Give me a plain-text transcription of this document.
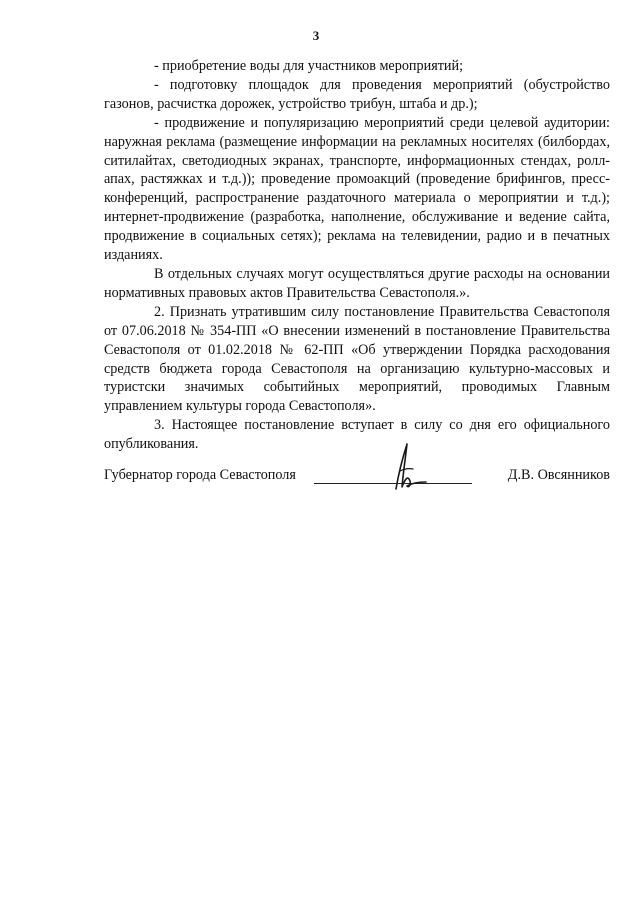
3

- приобретение воды для участников мероприятий;

- подготовку площадок для проведения мероприятий (обустройство газонов, расчистка дорожек, устройство трибун, штаба и др.);

- продвижение и популяризацию мероприятий среди целевой аудитории: наружная реклама (размещение информации на рекламных носителях (билбордах, ситилайтах, светодиодных экранах, транспорте, информационных стендах, ролл-апах, растяжках и т.д.)); проведение промоакций (проведение брифингов, пресс-конференций, распространение раздаточного материала о мероприятии и т.д.); интернет-продвижение (разработка, наполнение, обслуживание и ведение сайта, продвижение в социальных сетях); реклама на телевидении, радио и в печатных изданиях.

В отдельных случаях могут осуществляться другие расходы на основании нормативных правовых актов Правительства Севастополя.».

2. Признать утратившим силу постановление Правительства Севастополя от 07.06.2018 № 354-ПП «О внесении изменений в постановление Правительства Севастополя от 01.02.2018 № 62-ПП «Об утверждении Порядка расходования средств бюджета города Севастополя на организацию культурно-массовых и туристски значимых событийных мероприятий, проводимых Главным управлением культуры города Севастополя».

3. Настоящее постановление вступает в силу со дня его официального опубликования.

Губернатор города Севастополя	Д.В. Овсянников
